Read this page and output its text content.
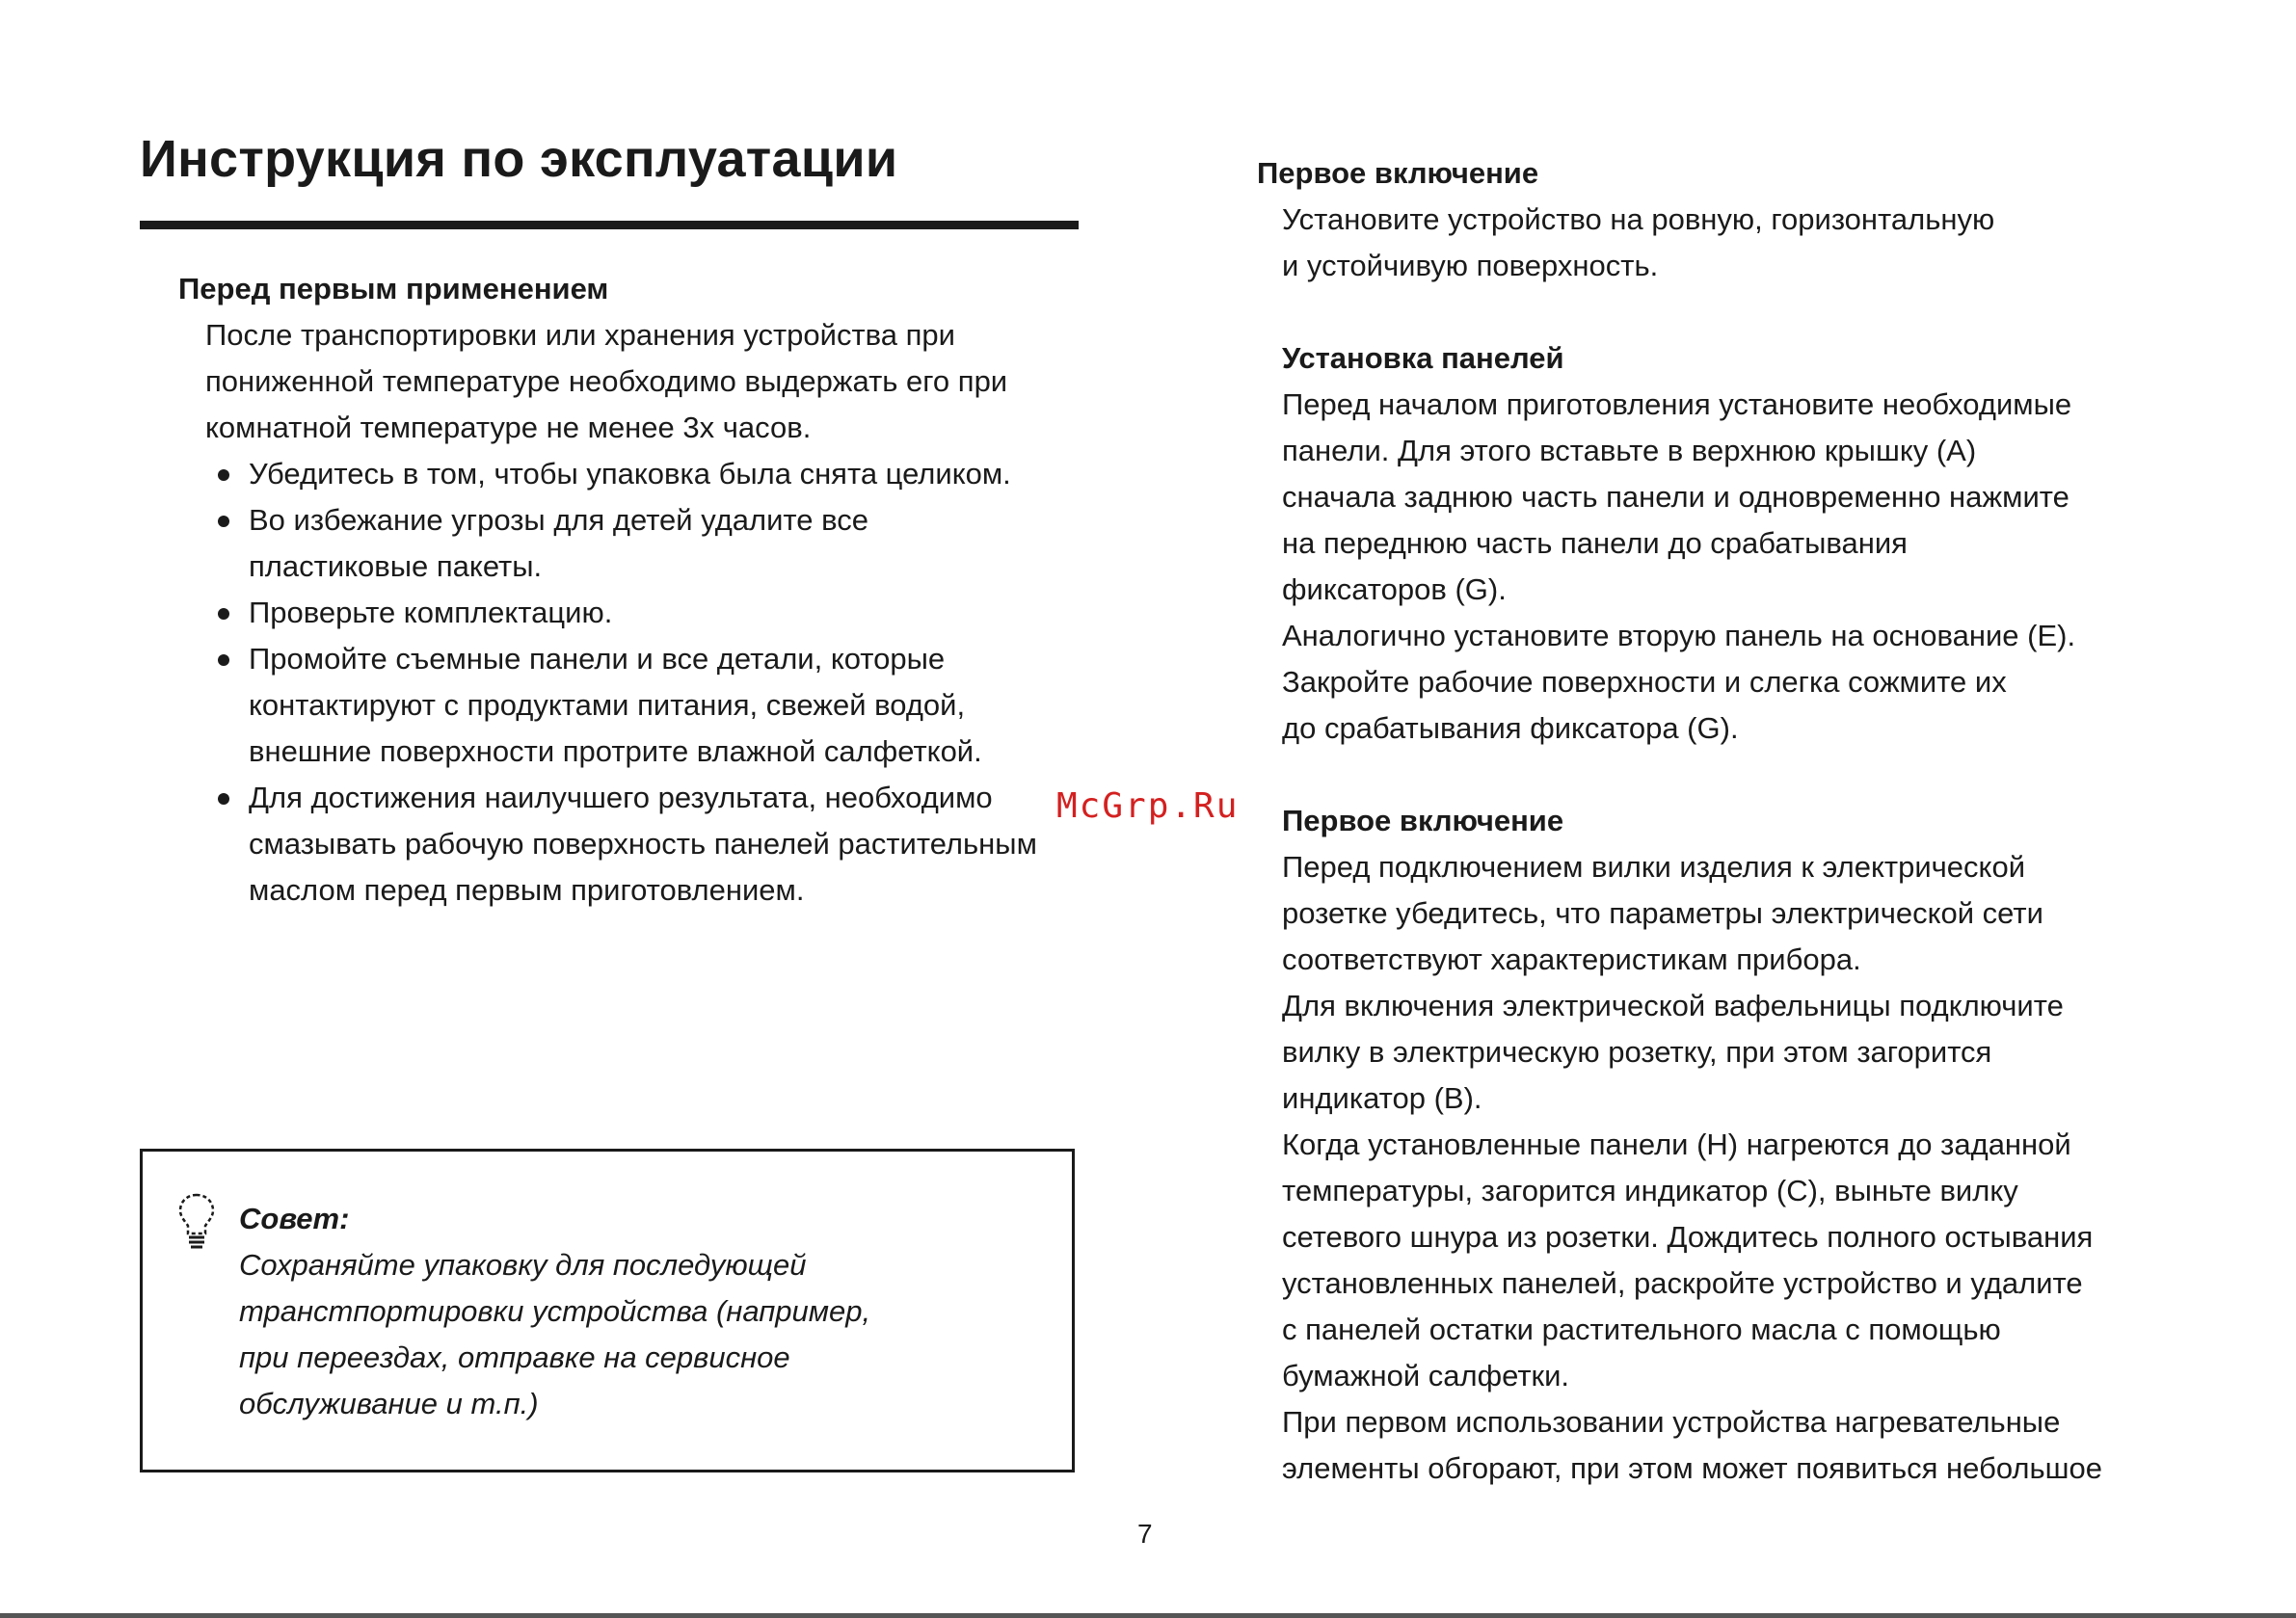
Инструкция по эксплуатации

Перед первым применением

После транспортировки или хранения устройства при

пониженной температуре необходимо выдержать его при

комнатной температуре не менее 3х часов.

Убедитесь в том, чтобы упаковка была снята целиком.
Во избежание угрозы для детей удалите все
пластиковые пакеты.
Проверьте комплектацию.
Промойте съемные панели и все детали, которые
контактируют с продуктами питания, свежей водой,
внешние поверхности протрите влажной салфеткой.
Для достижения наилучшего результата, необходимо
смазывать рабочую поверхность панелей растительным
маслом перед первым приготовлением.
Совет:
Сохраняйте упаковку для последующей
транстпортировки устройства (например,
при переездах, отправке на сервисное
обслуживание и т.п.)

Первое включение

Установите устройство на ровную, горизонтальную

и устойчивую поверхность.

Установка панелей

Перед началом приготовления установите необходимые

панели. Для этого вставьте в верхнюю крышку (А)

сначала заднюю часть панели и одновременно нажмите

на переднюю часть панели до срабатывания

фиксаторов (G).

Аналогично установите вторую панель на основание (Е).

Закройте рабочие поверхности и слегка сожмите их

до срабатывания фиксатора (G).

Первое включение

Перед подключением вилки изделия к электрической

розетке убедитесь, что параметры электрической сети

соответствуют характеристикам прибора.

Для включения электрической вафельницы подключите

вилку в электрическую розетку, при этом загорится

индикатор (В).

Когда установленные панели (Н) нагреются до заданной

температуры, загорится индикатор (С), выньте вилку

сетевого шнура из розетки. Дождитесь полного остывания

установленных панелей, раскройте устройство и удалите

с панелей остатки растительного масла с помощью

бумажной салфетки.

При первом использовании устройства нагревательные

элементы обгорают, при этом может появиться небольшое

McGrp.Ru
7
